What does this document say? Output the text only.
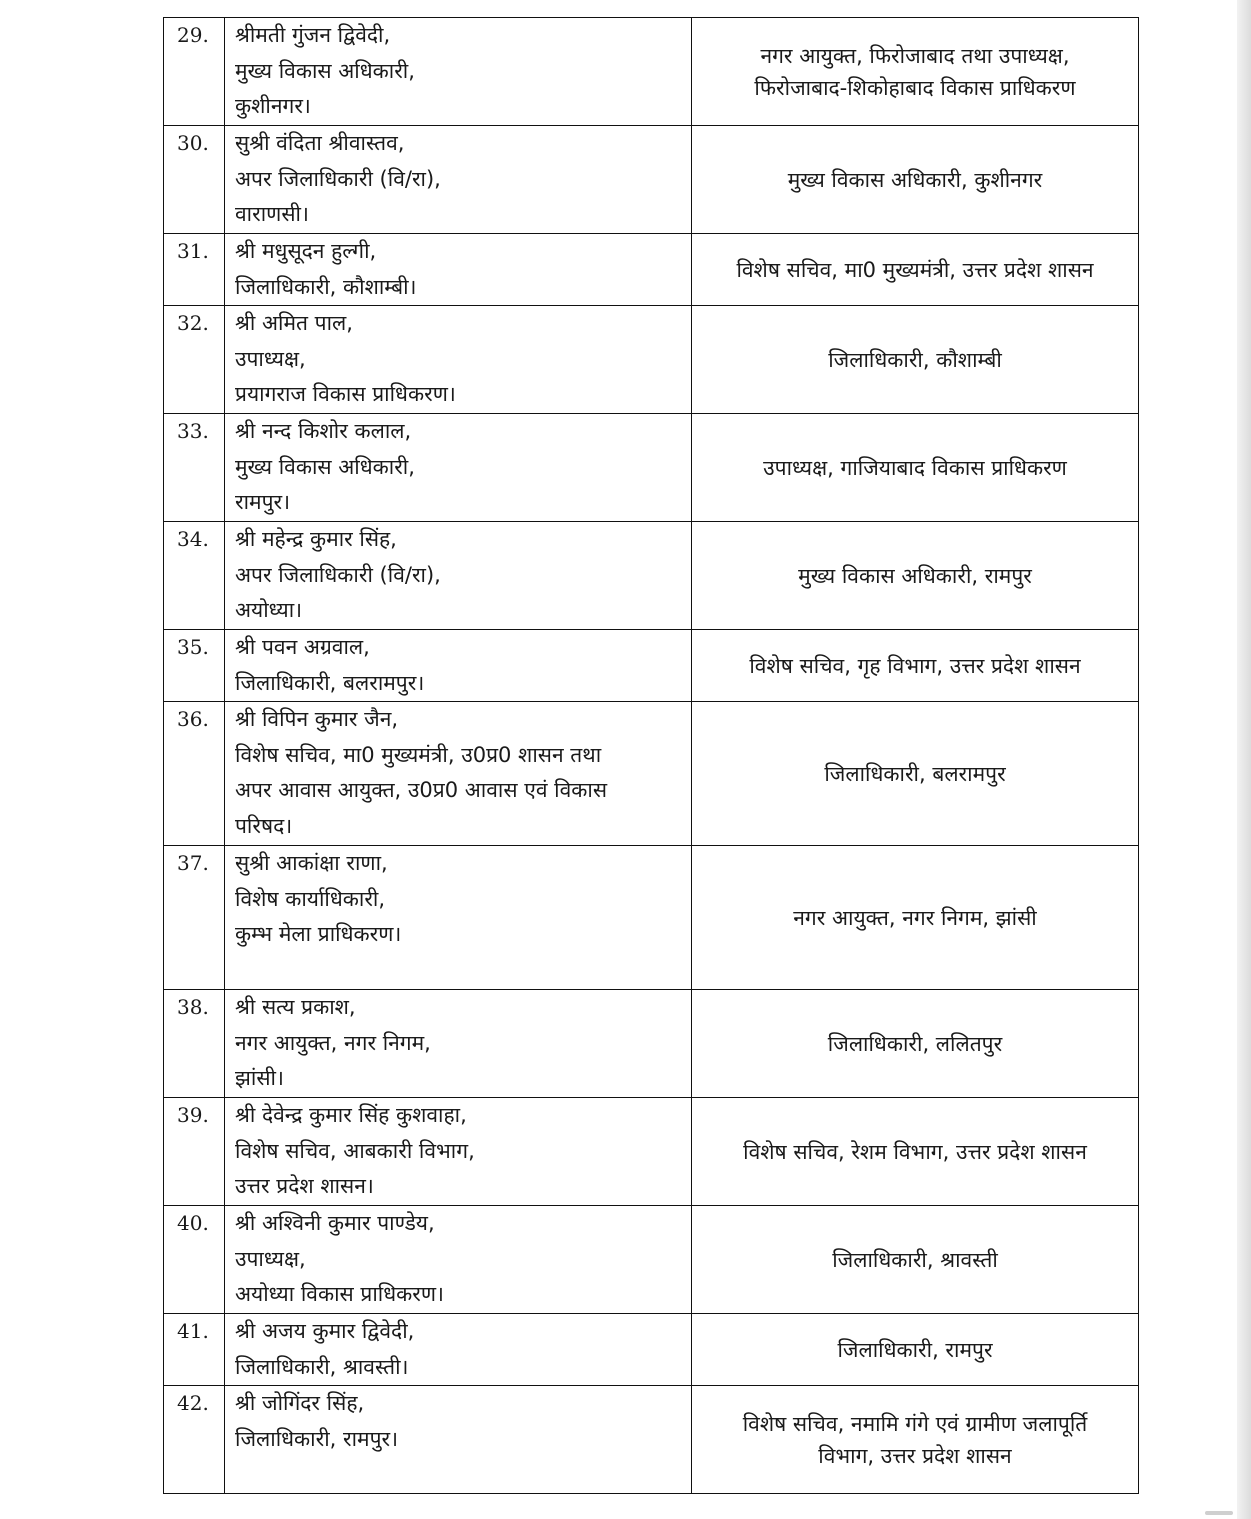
29.	श्रीमती गुंजन द्विवेदी,
मुख्य विकास अधिकारी,
कुशीनगर।	नगर आयुक्त, फिरोजाबाद तथा उपाध्यक्ष,
फिरोजाबाद-शिकोहाबाद विकास प्राधिकरण
30.	सुश्री वंदिता श्रीवास्तव,
अपर जिलाधिकारी (वि/रा),
वाराणसी।	मुख्य विकास अधिकारी, कुशीनगर
31.	श्री मधुसूदन हुल्गी,
जिलाधिकारी, कौशाम्बी।	विशेष सचिव, मा0 मुख्यमंत्री, उत्तर प्रदेश शासन
32.	श्री अमित पाल,
उपाध्यक्ष,
प्रयागराज विकास प्राधिकरण।	जिलाधिकारी, कौशाम्बी
33.	श्री नन्द किशोर कलाल,
मुख्य विकास अधिकारी,
रामपुर।	उपाध्यक्ष, गाजियाबाद विकास प्राधिकरण
34.	श्री महेन्द्र कुमार सिंह,
अपर जिलाधिकारी (वि/रा),
अयोध्या।	मुख्य विकास अधिकारी, रामपुर
35.	श्री पवन अग्रवाल,
जिलाधिकारी, बलरामपुर।	विशेष सचिव, गृह विभाग, उत्तर प्रदेश शासन
36.	श्री विपिन कुमार जैन,
विशेष सचिव, मा0 मुख्यमंत्री, उ0प्र0 शासन तथा
अपर आवास आयुक्त, उ0प्र0 आवास एवं विकास
परिषद।	जिलाधिकारी, बलरामपुर
37.	सुश्री आकांक्षा राणा,
विशेष कार्याधिकारी,
कुम्भ मेला प्राधिकरण।	नगर आयुक्त, नगर निगम, झांसी
38.	श्री सत्य प्रकाश,
नगर आयुक्त, नगर निगम,
झांसी।	जिलाधिकारी, ललितपुर
39.	श्री देवेन्द्र कुमार सिंह कुशवाहा,
विशेष सचिव, आबकारी विभाग,
उत्तर प्रदेश शासन।	विशेष सचिव, रेशम विभाग, उत्तर प्रदेश शासन
40.	श्री अश्विनी कुमार पाण्डेय,
उपाध्यक्ष,
अयोध्या विकास प्राधिकरण।	जिलाधिकारी, श्रावस्ती
41.	श्री अजय कुमार द्विवेदी,
जिलाधिकारी, श्रावस्ती।	जिलाधिकारी, रामपुर
42.	श्री जोगिंदर सिंह,
जिलाधिकारी, रामपुर।	विशेष सचिव, नमामि गंगे एवं ग्रामीण जलापूर्ति
विभाग, उत्तर प्रदेश शासन
